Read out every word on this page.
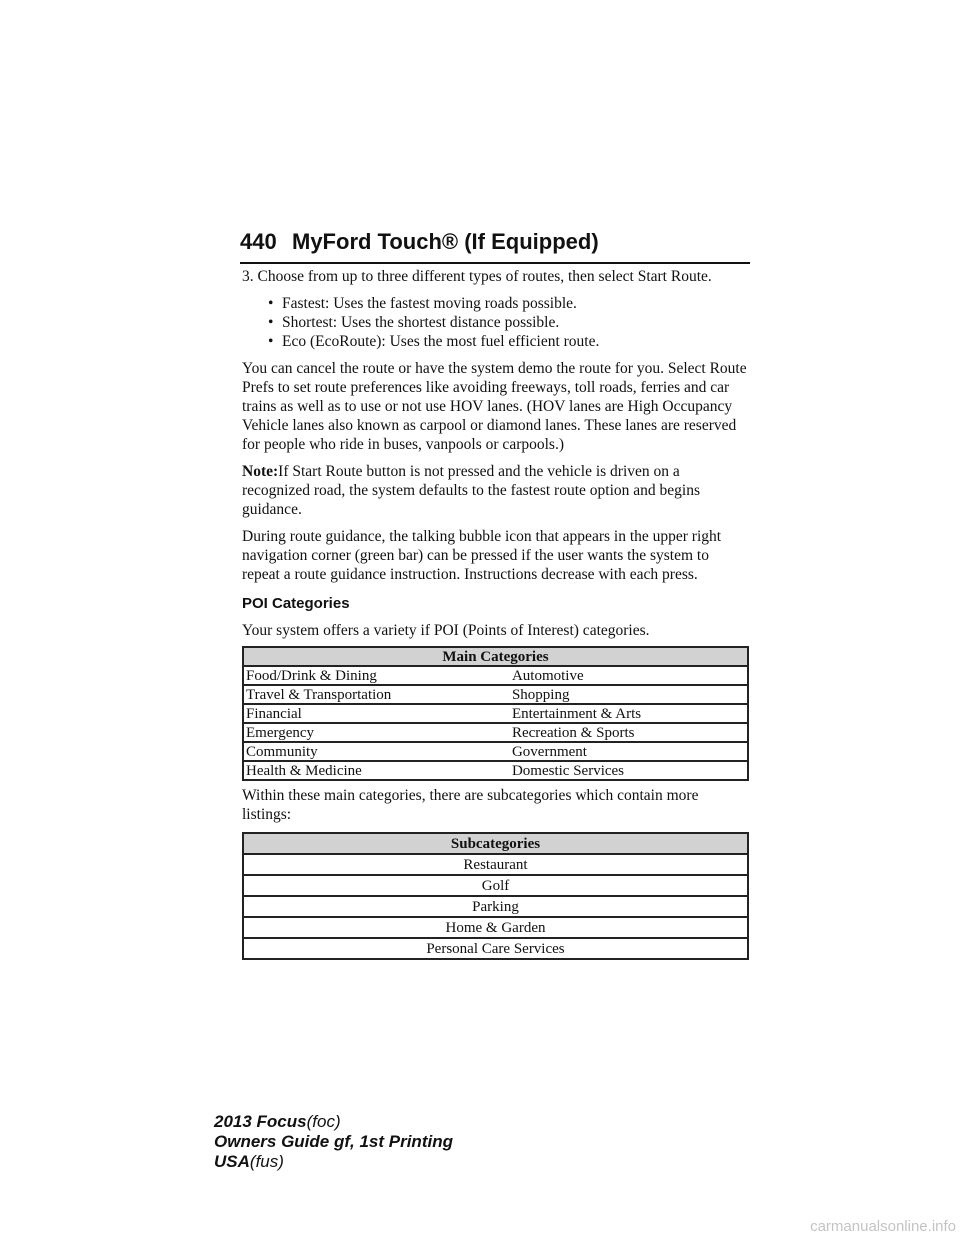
440 MyFord Touch® (If Equipped)

3. Choose from up to three different types of routes, then select Start Route.

• Fastest: Uses the fastest moving roads possible.
• Shortest: Uses the shortest distance possible.
• Eco (EcoRoute): Uses the most fuel efficient route.

You can cancel the route or have the system demo the route for you. Select Route Prefs to set route preferences like avoiding freeways, toll roads, ferries and car trains as well as to use or not use HOV lanes. (HOV lanes are High Occupancy Vehicle lanes also known as carpool or diamond lanes. These lanes are reserved for people who ride in buses, vanpools or carpools.)

Note:If Start Route button is not pressed and the vehicle is driven on a recognized road, the system defaults to the fastest route option and begins guidance.

During route guidance, the talking bubble icon that appears in the upper right navigation corner (green bar) can be pressed if the user wants the system to repeat a route guidance instruction. Instructions decrease with each press.

POI Categories

Your system offers a variety if POI (Points of Interest) categories.

Main Categories	
Food/Drink & Dining	Automotive
Travel & Transportation	Shopping
Financial	Entertainment & Arts
Emergency	Recreation & Sports
Community	Government
Health & Medicine	Domestic Services

Within these main categories, there are subcategories which contain more listings:

Subcategories
Restaurant
Golf
Parking
Home & Garden
Personal Care Services
2013 Focus(foc)
Owners Guide gf, 1st Printing
USA(fus)
carmanualsonline.info
